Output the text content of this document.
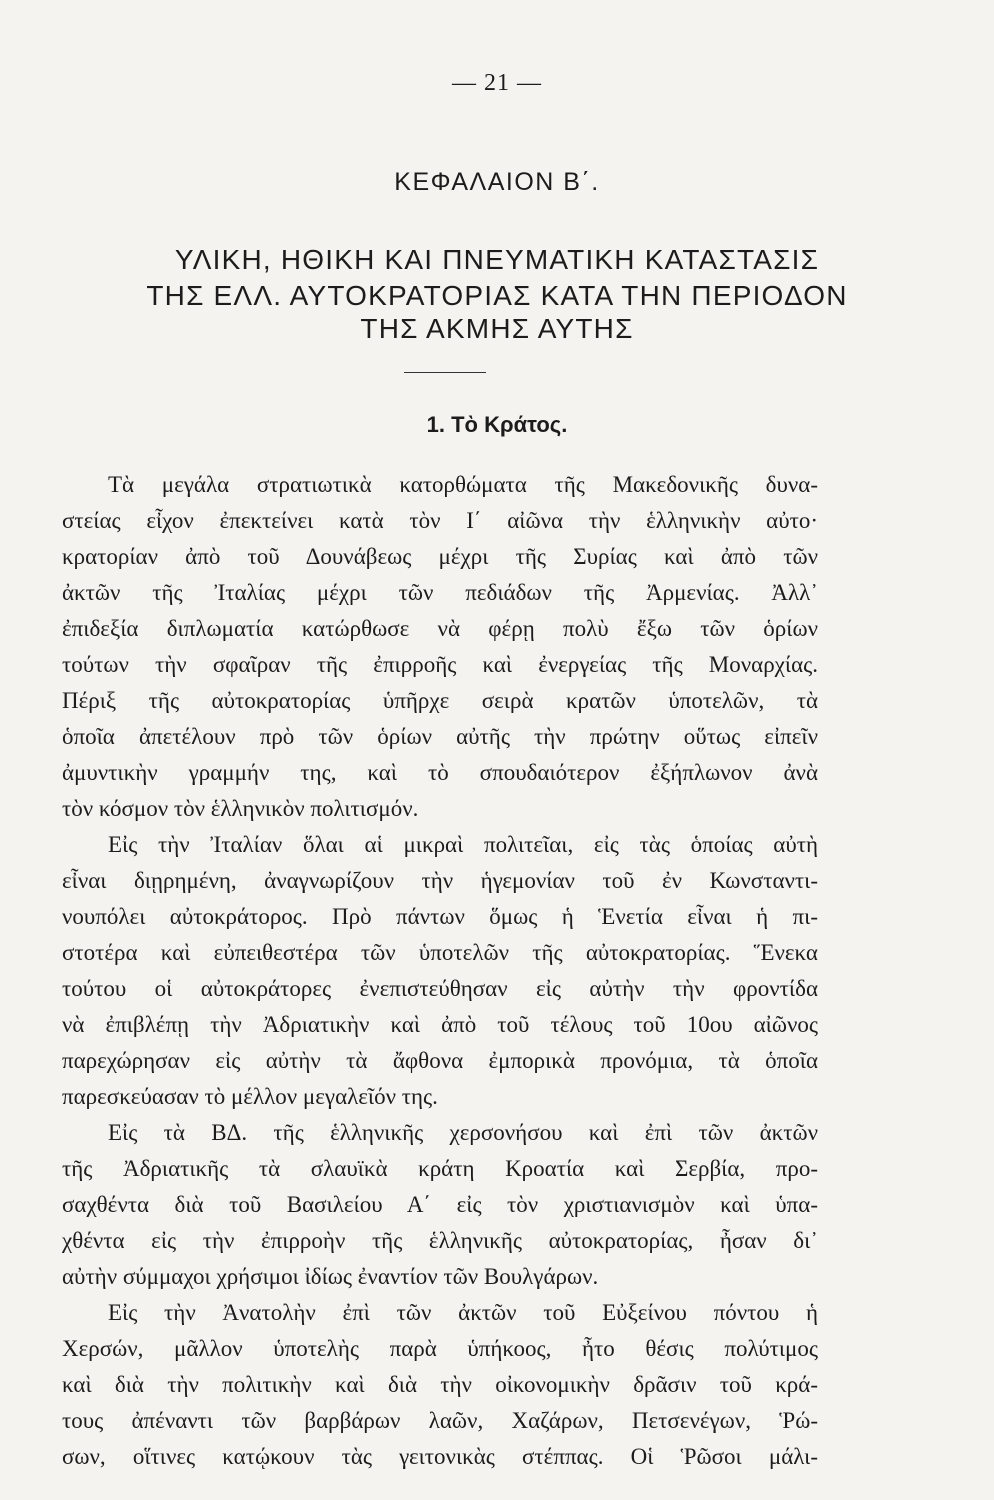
— 21 —
ΚΕΦΑΛΑΙΟΝ Β΄.
ΥΛΙΚΗ, ΗΘΙΚΗ ΚΑΙ ΠΝΕΥΜΑΤΙΚΗ ΚΑΤΑΣΤΑΣΙΣ
ΤΗΣ ΕΛΛ. ΑΥΤΟΚΡΑΤΟΡΙΑΣ ΚΑΤΑ ΤΗΝ ΠΕΡΙΟΔΟΝ
ΤΗΣ ΑΚΜΗΣ ΑΥΤΗΣ
1. Τὸ Κράτος.
Τὰ μεγάλα στρατιωτικὰ κατορθώματα τῆς Μακεδονικῆς δυνα-
στείας εἶχον ἐπεκτείνει κατὰ τὸν Ι΄ αἰῶνα τὴν ἑλληνικὴν αὐτο·
κρατορίαν ἀπὸ τοῦ Δουνάβεως μέχρι τῆς Συρίας καὶ ἀπὸ τῶν
ἀκτῶν τῆς Ἰταλίας μέχρι τῶν πεδιάδων τῆς Ἀρμενίας. Ἀλλ᾽
ἐπιδεξία διπλωματία κατώρθωσε νὰ φέρῃ πολὺ ἔξω τῶν ὁρίων
τούτων τὴν σφαῖραν τῆς ἐπιρροῆς καὶ ἐνεργείας τῆς Μοναρχίας.
Πέριξ τῆς αὐτοκρατορίας ὑπῆρχε σειρὰ κρατῶν ὑποτελῶν, τὰ
ὁποῖα ἀπετέλουν πρὸ τῶν ὁρίων αὐτῆς τὴν πρώτην οὕτως εἰπεῖν
ἀμυντικὴν γραμμήν της, καὶ τὸ σπουδαιότερον ἐξήπλωνον ἀνὰ
τὸν κόσμον τὸν ἑλληνικὸν πολιτισμόν.
Εἰς τὴν Ἰταλίαν ὅλαι αἱ μικραὶ πολιτεῖαι, εἰς τὰς ὁποίας αὐτὴ
εἶναι διῃρημένη, ἀναγνωρίζουν τὴν ἡγεμονίαν τοῦ ἐν Κωνσταντι-
νουπόλει αὐτοκράτορος. Πρὸ πάντων ὅμως ἡ Ἑνετία εἶναι ἡ πι-
στοτέρα καὶ εὐπειθεστέρα τῶν ὑποτελῶν τῆς αὐτοκρατορίας. Ἕνεκα
τούτου οἱ αὐτοκράτορες ἐνεπιστεύθησαν εἰς αὐτὴν τὴν φροντίδα
νὰ ἐπιβλέπῃ τὴν Ἀδριατικὴν καὶ ἀπὸ τοῦ τέλους τοῦ 10ου αἰῶνος
παρεχώρησαν εἰς αὐτὴν τὰ ἄφθονα ἐμπορικὰ προνόμια, τὰ ὁποῖα
παρεσκεύασαν τὸ μέλλον μεγαλεῖόν της.
Εἰς τὰ ΒΔ. τῆς ἑλληνικῆς χερσονήσου καὶ ἐπὶ τῶν ἀκτῶν
τῆς Ἀδριατικῆς τὰ σλαυϊκὰ κράτη Κροατία καὶ Σερβία, προ-
σαχθέντα διὰ τοῦ Βασιλείου Α΄ εἰς τὸν χριστιανισμὸν καὶ ὑπα-
χθέντα εἰς τὴν ἐπιρροὴν τῆς ἑλληνικῆς αὐτοκρατορίας, ἦσαν δι᾽
αὐτὴν σύμμαχοι χρήσιμοι ἰδίως ἐναντίον τῶν Βουλγάρων.
Εἰς τὴν Ἀνατολὴν ἐπὶ τῶν ἀκτῶν τοῦ Εὐξείνου πόντου ἡ
Χερσών, μᾶλλον ὑποτελὴς παρὰ ὑπήκοος, ἦτο θέσις πολύτιμος
καὶ διὰ τὴν πολιτικὴν καὶ διὰ τὴν οἰκονομικὴν δρᾶσιν τοῦ κρά-
τους ἀπέναντι τῶν βαρβάρων λαῶν, Χαζάρων, Πετσενέγων, Ῥώ-
σων, οἵτινες κατῴκουν τὰς γειτονικὰς στέππας. Οἱ Ῥῶσοι μάλι-
